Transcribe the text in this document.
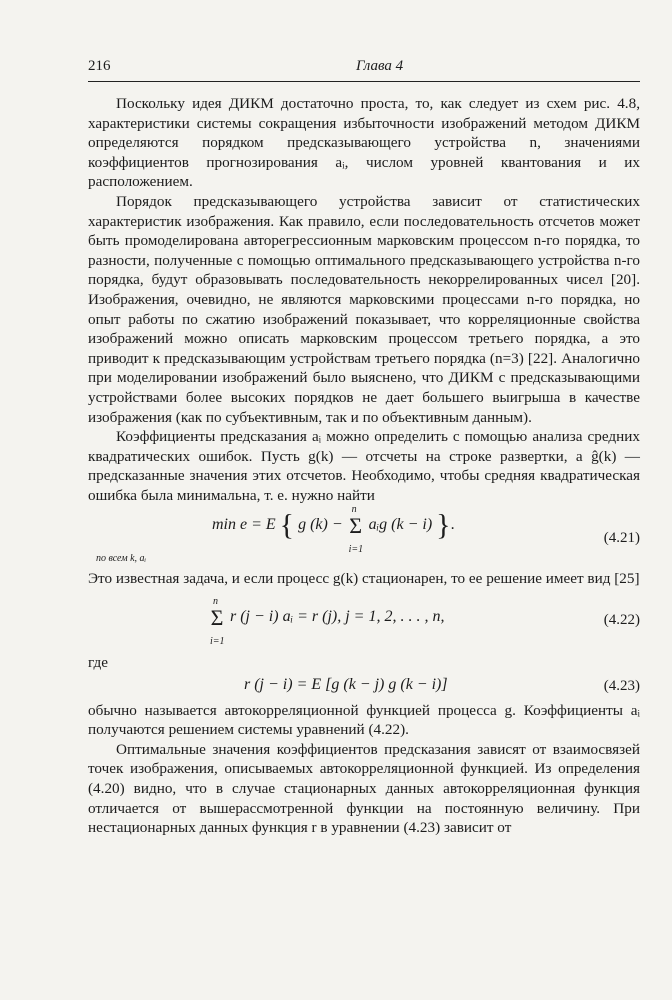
216	Глава 4

Поскольку идея ДИКМ достаточно проста, то, как следует из схем рис. 4.8, характеристики системы сокращения избыточности изображений методом ДИКМ определяются порядком предсказывающего устройства n, значениями коэффициентов прогнозирования aᵢ, числом уровней квантования и их расположением.

Порядок предсказывающего устройства зависит от статистических характеристик изображения. Как правило, если последовательность отсчетов может быть промоделирована авторегрессионным марковским процессом n-го порядка, то разности, полученные с помощью оптимального предсказывающего устройства n-го порядка, будут образовывать последовательность некоррелированных чисел [20]. Изображения, очевидно, не являются марковскими процессами n-го порядка, но опыт работы по сжатию изображений показывает, что корреляционные свойства изображений можно описать марковским процессом третьего порядка, а это приводит к предсказывающим устройствам третьего порядка (n=3) [22]. Аналогично при моделировании изображений было выяснено, что ДИКМ с предсказывающими устройствами более высоких порядков не дает большего выигрыша в качестве изображения (как по субъективным, так и по объективным данным).

Коэффициенты предсказания aᵢ можно определить с помощью анализа средних квадратических ошибок. Пусть g(k) — отсчеты на строке развертки, а ĝ(k) — предсказанные значения этих отсчетов. Необходимо, чтобы средняя квадратическая ошибка была минимальна, т. е. нужно найти

min e = E { g (k) − Σ
n
i=1
aᵢg (k − i) }.
по всем k, aᵢ
(4.21)

Это известная задача, и если процесс g(k) стационарен, то ее решение имеет вид [25]

Σ
n
i=1
r (j − i) aᵢ = r (j), j = 1, 2, . . . , n,	(4.22)

где

r (j − i) = E [g (k − j) g (k − i)]	(4.23)

обычно называется автокорреляционной функцией процесса g. Коэффициенты aᵢ получаются решением системы уравнений (4.22).

Оптимальные значения коэффициентов предсказания зависят от взаимосвязей точек изображения, описываемых автокорреляционной функцией. Из определения (4.20) видно, что в случае стационарных данных автокорреляционная функция отличается от вышерассмотренной функции на постоянную величину. При нестационарных данных функция r в уравнении (4.23) зависит от
